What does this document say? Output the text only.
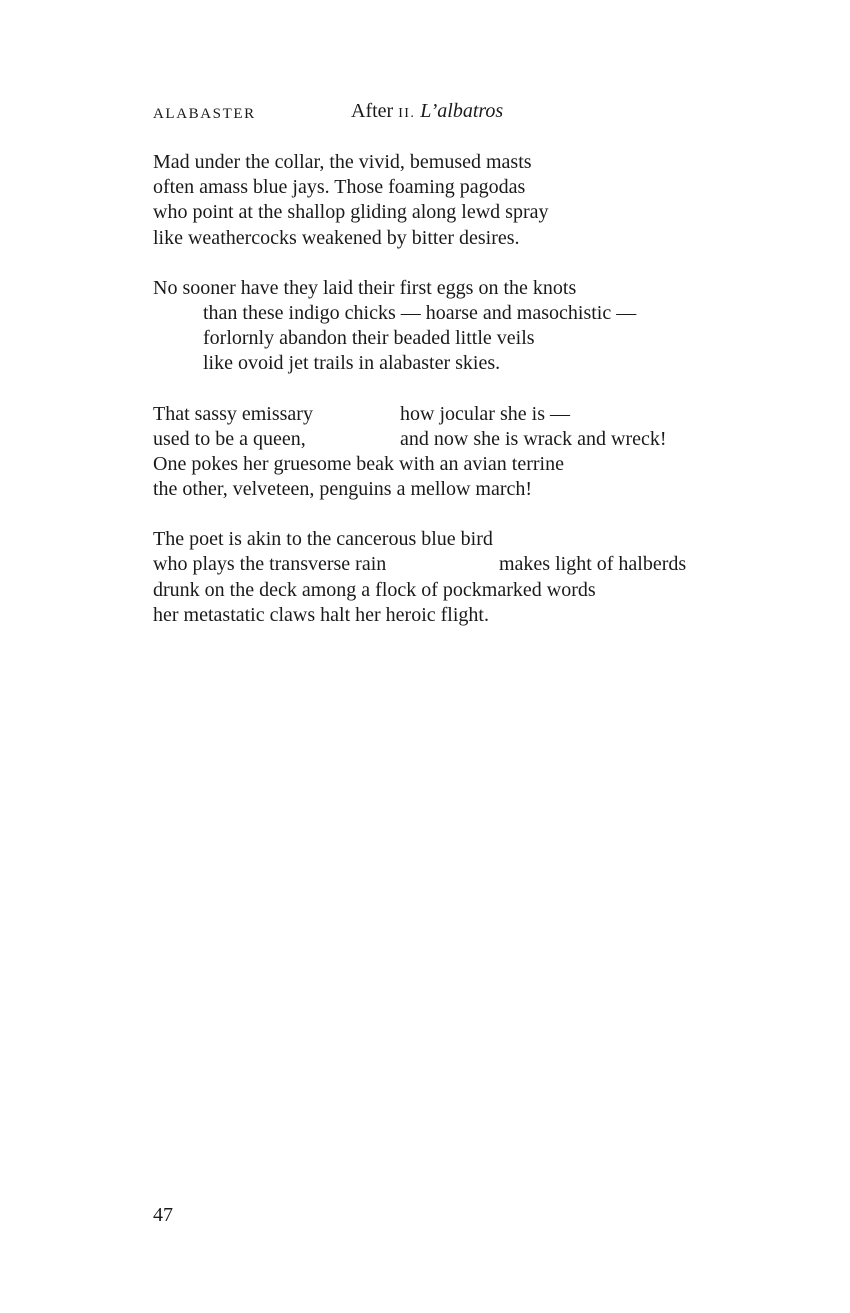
ALABASTER	After II. L’albatros
Mad under the collar, the vivid, bemused masts
often amass blue jays. Those foaming pagodas
who point at the shallop gliding along lewd spray
like weathercocks weakened by bitter desires.
No sooner have they laid their first eggs on the knots
than these indigo chicks — hoarse and masochistic —
forlornly abandon their beaded little veils
like ovoid jet trails in alabaster skies.
That sassy emissary	how jocular she is —
used to be a queen,	and now she is wrack and wreck!
One pokes her gruesome beak with an avian terrine
the other, velveteen, penguins a mellow march!
The poet is akin to the cancerous blue bird
who plays the transverse rain	makes light of halberds
drunk on the deck among a flock of pockmarked words
her metastatic claws halt her heroic flight.
47
